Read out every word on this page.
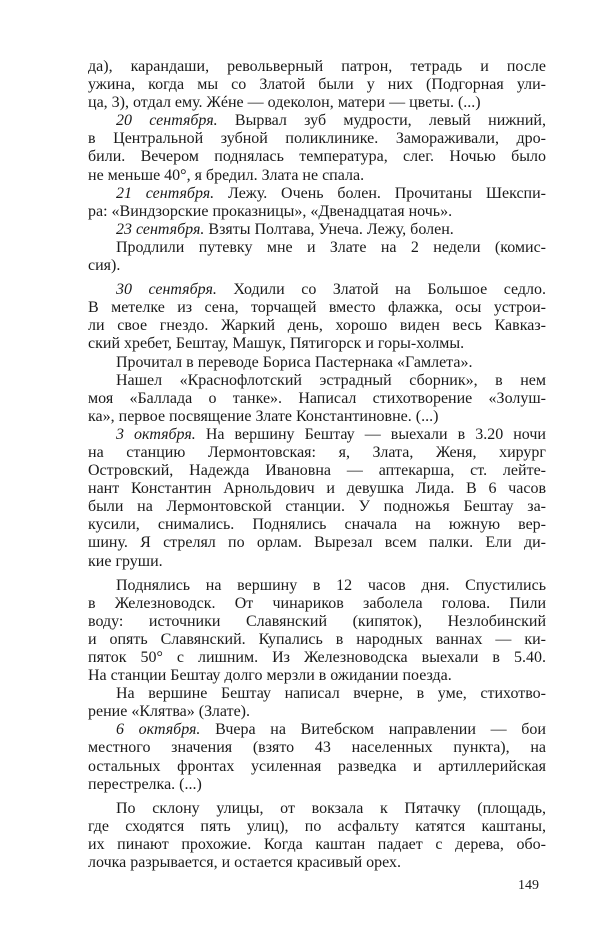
да), карандаши, револьверный патрон, тетрадь и после
ужина, когда мы со Златой были у них (Подгорная ули-
ца, 3), отдал ему. Жéне — одеколон, матери — цветы. (...)
20 сентября. Вырвал зуб мудрости, левый нижний,
в Центральной зубной поликлинике. Замораживали, дро-
били. Вечером поднялась температура, слег. Ночью было
не меньше 40°, я бредил. Злата не спала.
21 сентября. Лежу. Очень болен. Прочитаны Шекспи-
ра: «Виндзорские проказницы», «Двенадцатая ночь».
23 сентября. Взяты Полтава, Унеча. Лежу, болен.
Продлили путевку мне и Злате на 2 недели (комис-
сия).
30 сентября. Ходили со Златой на Большое седло.
В метелке из сена, торчащей вместо флажка, осы устрои-
ли свое гнездо. Жаркий день, хорошо виден весь Кавказ-
ский хребет, Бештау, Машук, Пятигорск и горы-холмы.
Прочитал в переводе Бориса Пастернака «Гамлета».
Нашел «Краснофлотский эстрадный сборник», в нем
моя «Баллада о танке». Написал стихотворение «Золуш-
ка», первое посвящение Злате Константиновне. (...)
3 октября. На вершину Бештау — выехали в 3.20 ночи
на станцию Лермонтовская: я, Злата, Женя, хирург
Островский, Надежда Ивановна — аптекарша, ст. лейте-
нант Константин Арнольдович и девушка Лида. В 6 часов
были на Лермонтовской станции. У подножья Бештау за-
кусили, снимались. Поднялись сначала на южную вер-
шину. Я стрелял по орлам. Вырезал всем палки. Ели ди-
кие груши.
Поднялись на вершину в 12 часов дня. Спустились
в Железноводск. От чинариков заболела голова. Пили
воду: источники Славянский (кипяток), Незлобинский
и опять Славянский. Купались в народных ваннах — ки-
пяток 50° с лишним. Из Железноводска выехали в 5.40.
На станции Бештау долго мерзли в ожидании поезда.
На вершине Бештау написал вчерне, в уме, стихотво-
рение «Клятва» (Злате).
6 октября. Вчера на Витебском направлении — бои
местного значения (взято 43 населенных пункта), на
остальных фронтах усиленная разведка и артиллерийская
перестрелка. (...)
По склону улицы, от вокзала к Пятачку (площадь,
где сходятся пять улиц), по асфальту катятся каштаны,
их пинают прохожие. Когда каштан падает с дерева, обо-
лочка разрывается, и остается красивый орех.
149
